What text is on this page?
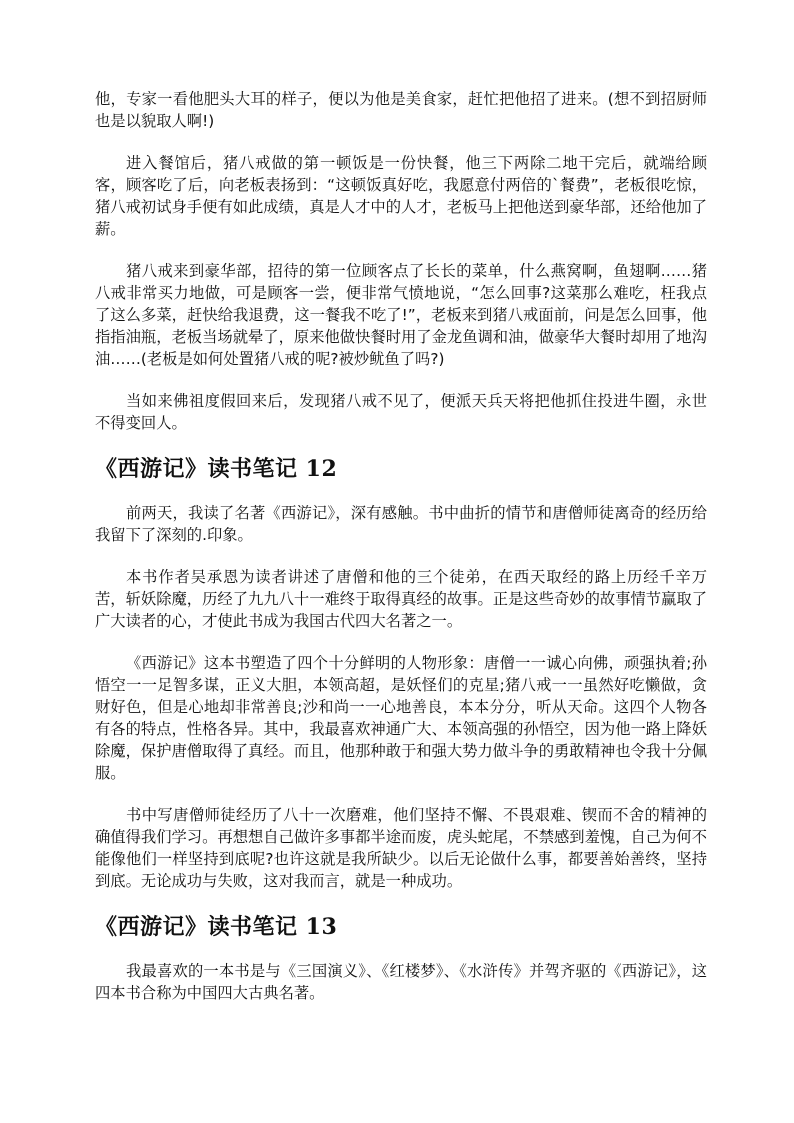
他，专家一看他肥头大耳的样子，便以为他是美食家，赶忙把他招了进来。(想不到招厨师也是以貌取人啊!)

进入餐馆后，猪八戒做的第一顿饭是一份快餐，他三下两除二地干完后，就端给顾客，顾客吃了后，向老板表扬到：“这顿饭真好吃，我愿意付两倍的`餐费”，老板很吃惊，猪八戒初试身手便有如此成绩，真是人才中的人才，老板马上把他送到豪华部，还给他加了薪。

猪八戒来到豪华部，招待的第一位顾客点了长长的菜单，什么燕窝啊，鱼翅啊……猪八戒非常买力地做，可是顾客一尝，便非常气愤地说，“怎么回事?这菜那么难吃，枉我点了这么多菜，赶快给我退费，这一餐我不吃了!”，老板来到猪八戒面前，问是怎么回事，他指指油瓶，老板当场就晕了，原来他做快餐时用了金龙鱼调和油，做豪华大餐时却用了地沟油……(老板是如何处置猪八戒的呢?被炒鱿鱼了吗?)

当如来佛祖度假回来后，发现猪八戒不见了，便派天兵天将把他抓住投进牛圈，永世不得变回人。

《西游记》读书笔记 12

前两天，我读了名著《西游记》，深有感触。书中曲折的情节和唐僧师徒离奇的经历给我留下了深刻的.印象。

本书作者吴承恩为读者讲述了唐僧和他的三个徒弟，在西天取经的路上历经千辛万苦，斩妖除魔，历经了九九八十一难终于取得真经的故事。正是这些奇妙的故事情节赢取了广大读者的心，才使此书成为我国古代四大名著之一。

《西游记》这本书塑造了四个十分鲜明的人物形象：唐僧一一诚心向佛，顽强执着;孙悟空一一足智多谋，正义大胆，本领高超，是妖怪们的克星;猪八戒一一虽然好吃懒做，贪财好色，但是心地却非常善良;沙和尚一一心地善良，本本分分，听从天命。这四个人物各有各的特点，性格各异。其中，我最喜欢神通广大、本领高强的孙悟空，因为他一路上降妖除魔，保护唐僧取得了真经。而且，他那种敢于和强大势力做斗争的勇敢精神也令我十分佩服。

书中写唐僧师徒经历了八十一次磨难，他们坚持不懈、不畏艰难、锲而不舍的精神的确值得我们学习。再想想自己做许多事都半途而废，虎头蛇尾，不禁感到羞愧，自己为何不能像他们一样坚持到底呢?也许这就是我所缺少。以后无论做什么事，都要善始善终，坚持到底。无论成功与失败，这对我而言，就是一种成功。

《西游记》读书笔记 13

我最喜欢的一本书是与《三国演义》、《红楼梦》、《水浒传》并驾齐驱的《西游记》，这四本书合称为中国四大古典名著。
